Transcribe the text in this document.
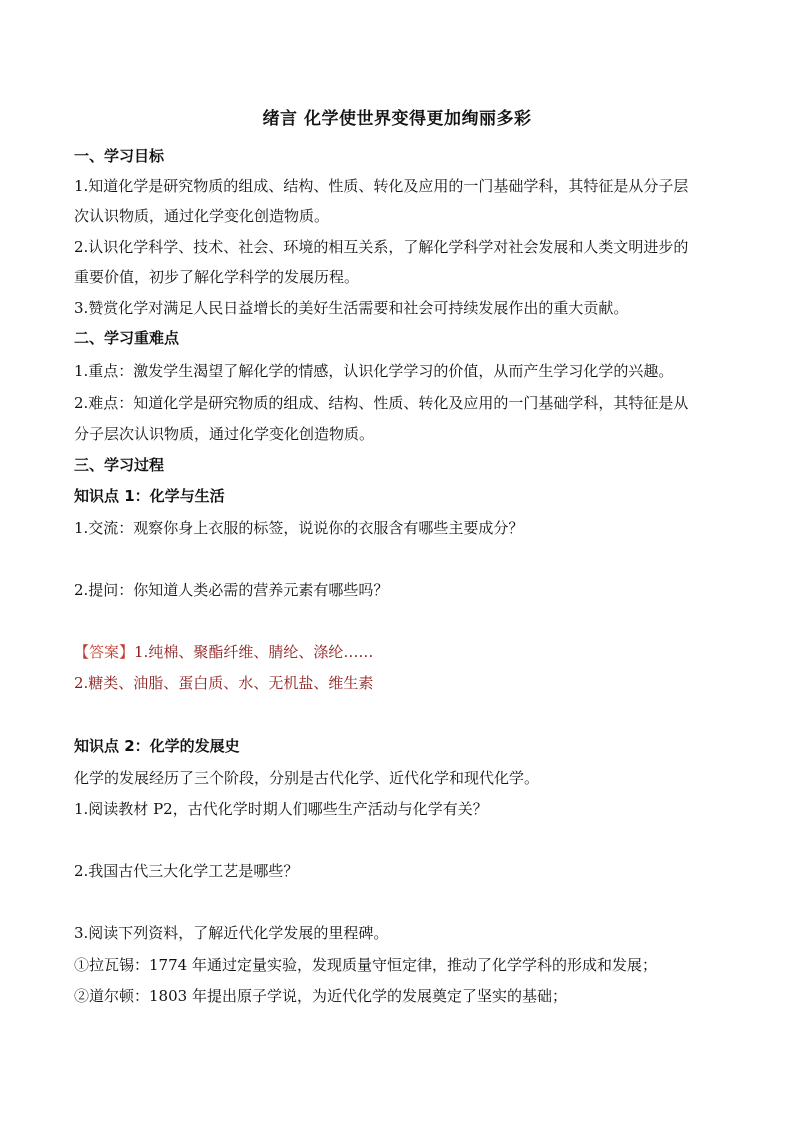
绪言 化学使世界变得更加绚丽多彩
一、学习目标
1.知道化学是研究物质的组成、结构、性质、转化及应用的一门基础学科，其特征是从分子层
次认识物质，通过化学变化创造物质。
2.认识化学科学、技术、社会、环境的相互关系，了解化学科学对社会发展和人类文明进步的
重要价值，初步了解化学科学的发展历程。
3.赞赏化学对满足人民日益增长的美好生活需要和社会可持续发展作出的重大贡献。
二、学习重难点
1.重点：激发学生渴望了解化学的情感，认识化学学习的价值，从而产生学习化学的兴趣。
2.难点：知道化学是研究物质的组成、结构、性质、转化及应用的一门基础学科，其特征是从
分子层次认识物质，通过化学变化创造物质。
三、学习过程
知识点 1：化学与生活
1.交流：观察你身上衣服的标签，说说你的衣服含有哪些主要成分？
2.提问：你知道人类必需的营养元素有哪些吗？
【答案】1.纯棉、聚酯纤维、腈纶、涤纶……
2.糖类、油脂、蛋白质、水、无机盐、维生素
知识点 2：化学的发展史
化学的发展经历了三个阶段，分别是古代化学、近代化学和现代化学。
1.阅读教材 P2，古代化学时期人们哪些生产活动与化学有关？
2.我国古代三大化学工艺是哪些？
3.阅读下列资料，了解近代化学发展的里程碑。
①拉瓦锡：1774 年通过定量实验，发现质量守恒定律，推动了化学学科的形成和发展；
②道尔顿：1803 年提出原子学说，为近代化学的发展奠定了坚实的基础；
